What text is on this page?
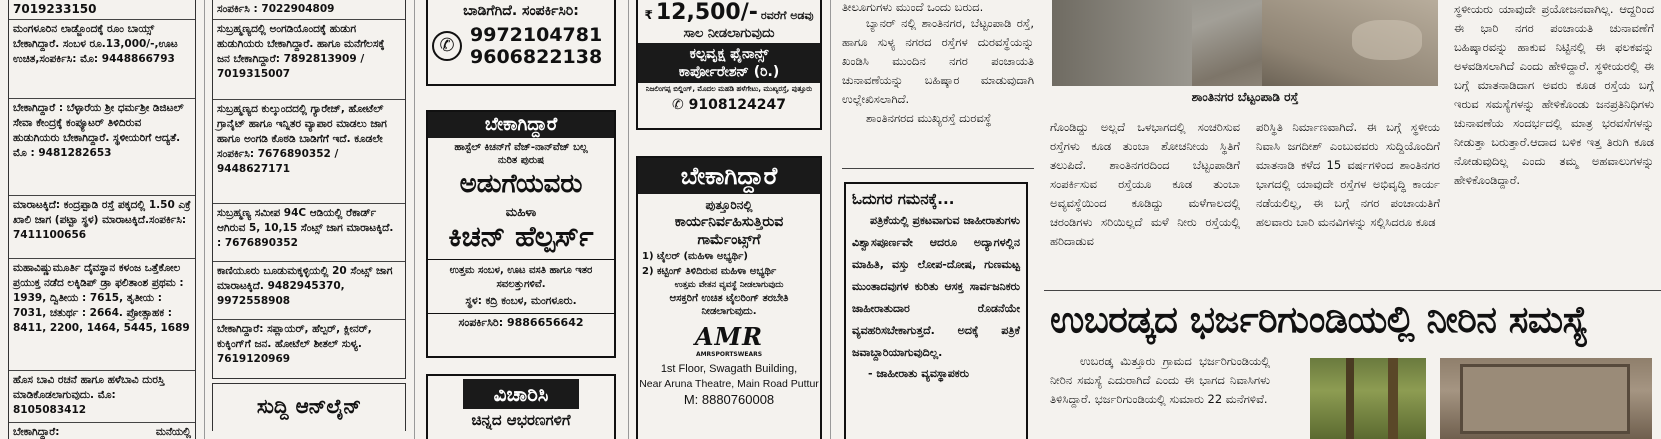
7019233150
ಮಂಗಳೂರಿನ ಲಾಡ್ಜೊಂದಕ್ಕೆ ರೂಂ ಬಾಯ್ಸ್ ಬೇಕಾಗಿದ್ದಾರೆ. ಸಂಬಳ ರೂ.13,000/-,ಊಟ ಉಚಿತ,ಸಂಪರ್ಕಿಸಿ: ಮೊ: 9448866793
ಬೇಕಾಗಿದ್ದಾರೆ : ಬೆಳ್ಳಾರೆಯ ಶ್ರೀ ಧರ್ಮಶ್ರೀ ಡಿಜಿಟಲ್ ಸೇವಾ ಕೇಂದ್ರಕ್ಕೆ ಕಂಪ್ಯೂಟರ್ ತಿಳಿದಿರುವ ಹುಡುಗಿಯರು ಬೇಕಾಗಿದ್ದಾರೆ. ಸ್ಥಳೀಯರಿಗೆ ಆದ್ಯತೆ. ಮೊ : 9481282653
ಮಾರಾಟಕ್ಕಿದೆ: ಕಂದ್ರಪ್ಪಾಡಿ ರಸ್ತೆ ಪಕ್ಕದಲ್ಲಿ 1.50 ಎಕ್ರೆ ಖಾಲಿ ಜಾಗ (ಪಟ್ಟಾ ಸ್ಥಳ) ಮಾರಾಟಕ್ಕಿದೆ.ಸಂಪರ್ಕಿಸಿ: 7411100656
ಮಹಾವಿಷ್ಣುಮೂರ್ತಿ ದೈವಸ್ಥಾನ ಕಳಂಜ ಒತ್ತೆಕೋಲ ಪ್ರಯುಕ್ತ ನಡೆದ ಲಕ್ಕಿಡಿಪ್ ಡ್ರಾ ಫಲಿತಾಂಶ ಪ್ರಥಮ : 1939, ದ್ವಿತೀಯ : 7615, ತೃತೀಯ : 7031, ಚತುರ್ಥ : 2664. ಪ್ರೋತ್ಸಾಹಕ : 8411, 2200, 1464, 5445, 1689
ಹೊಸ ಬಾವಿ ರಚನೆ ಹಾಗೂ ಹಳೆಬಾವಿ ದುರಸ್ತಿ ಮಾಡಿಕೊಡಲಾಗುವುದು. ಮೊ: 8105083412
ಬೇಕಾಗಿದ್ದಾರೆ:	ಮನೆಯಲ್ಲಿ
ಸಂಪರ್ಕಿಸಿ : 7022904809
ಸುಬ್ರಹ್ಮಣ್ಯದಲ್ಲಿ ಅಂಗಡಿಯೊಂದಕ್ಕೆ ಹುಡುಗ ಹುಡುಗಿಯರು ಬೇಕಾಗಿದ್ದಾರೆ. ಹಾಗೂ ಮನೆಗೆಲಸಕ್ಕೆ ಜನ ಬೇಕಾಗಿದ್ದಾರೆ: 7892813909 / 7019315007
ಸುಬ್ರಹ್ಮಣ್ಯದ ಕುಲ್ಕುಂದದಲ್ಲಿ ಗ್ಯಾರೇಜ್, ಹೋಟೆಲ್ ಗ್ರಾನೈಟ್ ಹಾಗೂ ಇನ್ನಿತರ ವ್ಯಾಪಾರ ಮಾಡಲು ಜಾಗ ಹಾಗೂ ಅಂಗಡಿ ಕೊಠಡಿ ಬಾಡಿಗೆಗೆ ಇದೆ. ಕೂಡಲೇ ಸಂಪರ್ಕಿಸಿ: 7676890352 / 9448627171
ಸುಬ್ರಹ್ಮಣ್ಯ ಸಮೀಪ 94C ಆಡಿಯಲ್ಲಿ ರೆಕಾರ್ಡ್ ಆಗಿರುವ 5, 10,15 ಸೆಂಟ್ಸ್ ಜಾಗ ಮಾರಾಟಕ್ಕಿದೆ. : 7676890352
ಕಾಣಿಯೂರು ಬೂಡುಮಕ್ಕಳ್ಳಿಯಲ್ಲಿ 20 ಸೆಂಟ್ಸ್ ಜಾಗ ಮಾರಾಟಕ್ಕಿದೆ. 9482945370, 9972558908
ಬೇಕಾಗಿದ್ದಾರೆ: ಸಪ್ಲಾಯರ್, ಹೆಲ್ಪರ್, ಕ್ಲೀನರ್, ಕುಕ್ಕಿಂಗ್‌ಗೆ ಜನ. ಹೋಟೆಲ್ ಶೀತಲ್ ಸುಳ್ಯ. 7619120969
ಸುದ್ದಿ ಆನ್‌ಲೈನ್
ಬಾಡಿಗೆಗಿದೆ. ಸಂಪರ್ಕಿಸಿರಿ:
✆ 9972104781
9606822138
ಬೇಕಾಗಿದ್ದಾರೆ
ಹಾಸ್ಟೆಲ್ ಕಿಚನ್‌ಗೆ ವೆಜ್-ನಾನ್‌ವೆಜ್ ಬಲ್ಲ ನುರಿತ ಪುರುಷ
ಅಡುಗೆಯವರು
ಮಹಿಳಾ
ಕಿಚನ್ ಹೆಲ್ಪರ್ಸ್
ಉತ್ತಮ ಸಂಬಳ, ಊಟ ವಸತಿ ಹಾಗೂ ಇತರ ಸವಲತ್ತುಗಳಿವೆ.
ಸ್ಥಳ: ಕದ್ರಿ ಕಂಬಳ, ಮಂಗಳೂರು.
ಸಂಪರ್ಕಿಸಿರಿ: 9886656642
ವಿಚಾರಿಸಿ
ಚಿನ್ನದ ಆಭರಣಗಳಿಗೆ
₹ 12,500/- ರವರೆಗೆ ಅಡವು
ಸಾಲ ನೀಡಲಾಗುವುದು
ಕಲ್ಪವೃಕ್ಷ ಫೈನಾನ್ಸ್
ಕಾರ್ಪೋರೇಶನ್ (ರಿ.)
ನಿಜಲಿಂಗಪ್ಪ ಬಿಲ್ಡಿಂಗ್, ಮೊದಲ ಮಹಡಿ ಹಳೆಗೇಟು, ಮುಖ್ಯರಸ್ತೆ, ಪುತ್ತೂರು
✆ 9108124247
ಬೇಕಾಗಿದ್ದಾರೆ
ಪುತ್ತೂರಿನಲ್ಲಿ
ಕಾರ್ಯನಿರ್ವಹಿಸುತ್ತಿರುವ
ಗಾರ್ಮೆಂಟ್ಸ್‌ಗೆ
1) ಟೈಲರ್ (ಮಹಿಳಾ ಅಭ್ಯರ್ಥಿ)
2) ಕಟ್ಟಿಂಗ್ ತಿಳಿದಿರುವ ಮಹಿಳಾ ಅಭ್ಯರ್ಥಿ
ಉತ್ತಮ ವೇತನ ವ್ಯವಸ್ಥೆ ನೀಡಲಾಗುವುದು
ಆಸಕ್ತರಿಗೆ ಉಚಿತ ಟೈಲರಿಂಗ್ ತರಬೇತಿ ನೀಡಲಾಗುವುದು.
AMR
AMRSPORTSWEARS
1st Floor, Swagath Building,
Near Aruna Theatre, Main Road Puttur
M: 8880760008
ತೀಲೂಗುಗಳು ಮುಂದೆ ಒಂದು ಬರುದ.
ಬ್ಯಾನರ್ ನಲ್ಲಿ ಶಾಂತಿನಗರ, ಬೆಟ್ಟಂಪಾಡಿ ರಸ್ತೆ, ಹಾಗೂ ಸುಳ್ಯ ನಗರದ ರಸ್ತೆಗಳ ದುರವಸ್ಥೆಯನ್ನು ಖಂಡಿಸಿ ಮುಂದಿನ ನಗರ ಪಂಚಾಯತಿ ಚುನಾವಣೆಯನ್ನು ಬಹಿಷ್ಕಾರ ಮಾಡುವುದಾಗಿ ಉಲ್ಲೇಖಿಸಲಾಗಿದೆ.
ಶಾಂತಿನಗರದ ಮುಖ್ಯರಸ್ತೆ ದುರವಸ್ಥೆ
ಓದುಗರ ಗಮನಕ್ಕೆ...
ಪತ್ರಿಕೆಯಲ್ಲಿ ಪ್ರಕಟವಾಗುವ ಜಾಹೀರಾತುಗಳು ವಿಶ್ವಾಸಪೂರ್ಣವೇ ಆದರೂ ಅದ್ಯಾಗಳಲ್ಲಿನ ಮಾಹಿತಿ, ವಸ್ತು ಲೋಪ-ದೋಷ, ಗುಣಮಟ್ಟ ಮುಂತಾದವುಗಳ ಕುರಿತು ಆಸಕ್ತ ಸಾರ್ವಜನಿಕರು ಜಾಹೀರಾತುದಾರ ರೊಡನೆಯೇ ವ್ಯವಹರಿಸಬೇಕಾಗುತ್ತದೆ. ಅದಕ್ಕೆ ಪತ್ರಿಕೆ ಜವಾಬ್ದಾರಿಯಾಗುವುದಿಲ್ಲ.
- ಜಾಹೀರಾತು ವ್ಯವಸ್ಥಾಪಕರು
ಶಾಂತಿನಗರ ಬೆಟ್ಟಂಪಾಡಿ ರಸ್ತೆ
ಗೊಂಡಿದ್ದು ಅಲ್ಲದೆ ಒಳಭಾಗದಲ್ಲಿ ಸಂಚರಿಸುವ ರಸ್ತೆಗಳು ಕೂಡ ತುಂಬಾ ಶೋಚನೀಯ ಸ್ಥಿತಿಗೆ ತಲುಪಿದೆ. ಶಾಂತಿನಗರದಿಂದ ಬೆಟ್ಟಂಪಾಡಿಗೆ ಸಂಪರ್ಕಿಸುವ ರಸ್ತೆಯೂ ಕೂಡ ತುಂಬಾ ಅವ್ಯವಸ್ಥೆಯಿಂದ ಕೂಡಿದ್ದು ಮಳೆಗಾಲದಲ್ಲಿ ಚರಂಡಿಗಳು ಸರಿಯಿಲ್ಲದೆ ಮಳೆ ನೀರು ರಸ್ತೆಯಲ್ಲಿ ಹರಿದಾಡುವ
ಪರಿಸ್ಥಿತಿ ನಿರ್ಮಾಣವಾಗಿದೆ. ಈ ಬಗ್ಗೆ ಸ್ಥಳೀಯ ನಿವಾಸಿ ಜಗದೀಶ್ ಎಂಬುವವರು ಸುದ್ದಿಯೊಂದಿಗೆ ಮಾತನಾಡಿ ಕಳೆದ 15 ವರ್ಷಗಳಿಂದ ಶಾಂತಿನಗರ ಭಾಗದಲ್ಲಿ ಯಾವುದೇ ರಸ್ತೆಗಳ ಅಭಿವೃದ್ಧಿ ಕಾರ್ಯ ನಡೆಯಲಿಲ್ಲ, ಈ ಬಗ್ಗೆ ನಗರ ಪಂಚಾಯತಿಗೆ ಹಲವಾರು ಬಾರಿ ಮನವಿಗಳನ್ನು ಸಲ್ಲಿಸಿದರೂ ಕೂಡ
ಸ್ಥಳೀಯರು ಯಾವುದೇ ಪ್ರಯೋಜನವಾಗಿಲ್ಲ. ಆದ್ದರಿಂದ ಈ ಭಾರಿ ನಗರ ಪಂಚಾಯತಿ ಚುನಾವಣೆಗೆ ಬಹಿಷ್ಕಾರವನ್ನು ಹಾಕುವ ನಿಟ್ಟಿನಲ್ಲಿ ಈ ಫಲಕವನ್ನು ಅಳವಡಿಸಲಾಗಿದೆ ಎಂದು ಹೇಳಿದ್ದಾರೆ. ಸ್ಥಳೀಯರಲ್ಲಿ ಈ ಬಗ್ಗೆ ಮಾತನಾಡಿದಾಗ ಅವರು ಕೂಡ ರಸ್ತೆಯ ಬಗ್ಗೆ ಇರುವ ಸಮಸ್ಯೆಗಳನ್ನು ಹೇಳಿಕೊಂಡು ಜನಪ್ರತಿನಿಧಿಗಳು ಚುನಾವಣೆಯ ಸಂದರ್ಭದಲ್ಲಿ ಮಾತ್ರ ಭರವಸೆಗಳನ್ನು ನೀಡುತ್ತಾ ಬರುತ್ತಾರೆ.ಆದಾದ ಬಳಿಕ ಇತ್ತ ತಿರುಗಿ ಕೂಡ ನೋಡುವುದಿಲ್ಲ ಎಂದು ತಮ್ಮ ಅಹವಾಲುಗಳನ್ನು ಹೇಳಿಕೊಂಡಿದ್ದಾರೆ.
ಉಬರಡ್ಕದ ಭರ್ಜರಿಗುಂಡಿಯಲ್ಲಿ ನೀರಿನ ಸಮಸ್ಯೆ
ಉಬರಡ್ಕ ಮಿತ್ತೂರು ಗ್ರಾಮದ ಭರ್ಜರಿಗುಂಡಿಯಲ್ಲಿ ನೀರಿನ ಸಮಸ್ಯೆ ಎದುರಾಗಿದೆ ಎಂದು ಈ ಭಾಗದ ನಿವಾಸಿಗಳು ತಿಳಿಸಿದ್ದಾರೆ. ಭರ್ಜರಿಗುಂಡಿಯಲ್ಲಿ ಸುಮಾರು 22 ಮನೆಗಳಿವೆ.
